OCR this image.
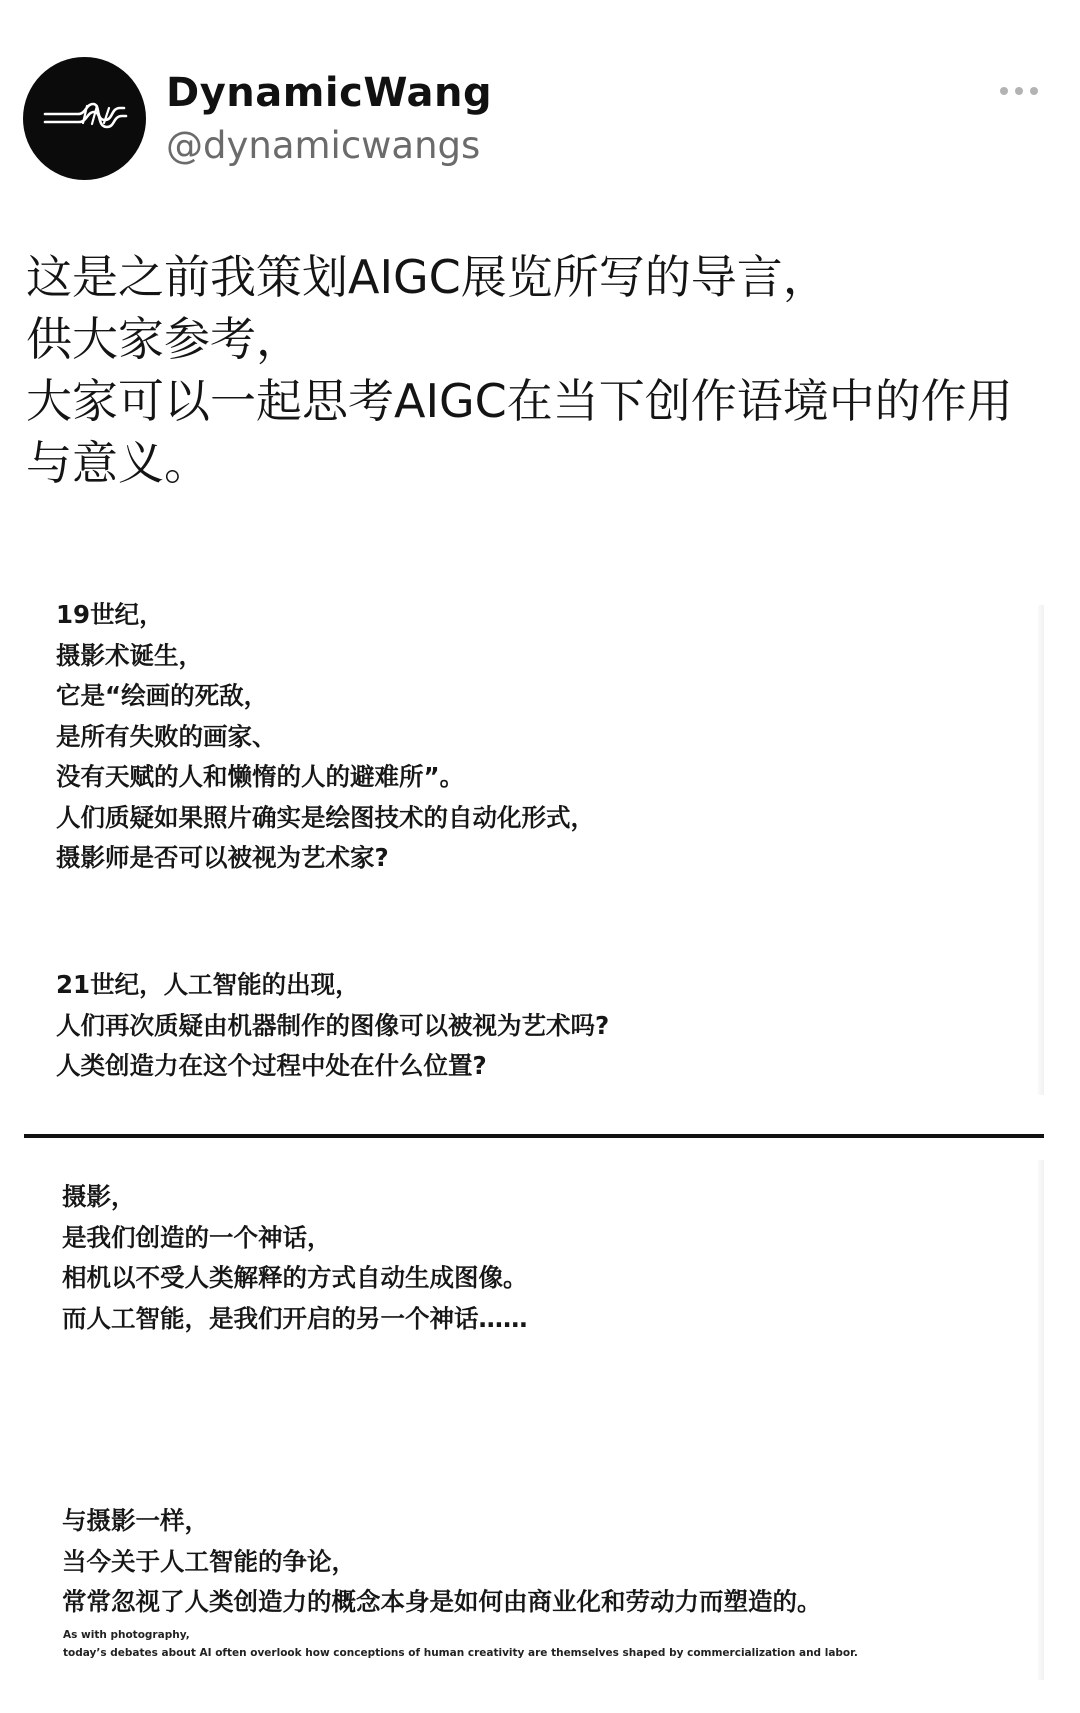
DynamicWang
@dynamicwangs
这是之前我策划AIGC展览所写的导言，
供大家参考，
大家可以一起思考AIGC在当下创作语境中的作用
与意义。
19世纪，
摄影术诞生，
它是“绘画的死敌，
是所有失败的画家、
没有天赋的人和懒惰的人的避难所”。
人们质疑如果照片确实是绘图技术的自动化形式，
摄影师是否可以被视为艺术家?
21世纪，人工智能的出现，
人们再次质疑由机器制作的图像可以被视为艺术吗?
人类创造力在这个过程中处在什么位置?
摄影，
是我们创造的一个神话，
相机以不受人类解释的方式自动生成图像。
而人工智能，是我们开启的另一个神话……
与摄影一样，
当今关于人工智能的争论，
常常忽视了人类创造力的概念本身是如何由商业化和劳动力而塑造的。
As with photography,
today’s debates about AI often overlook how conceptions of human creativity are themselves shaped by commercialization and labor.
